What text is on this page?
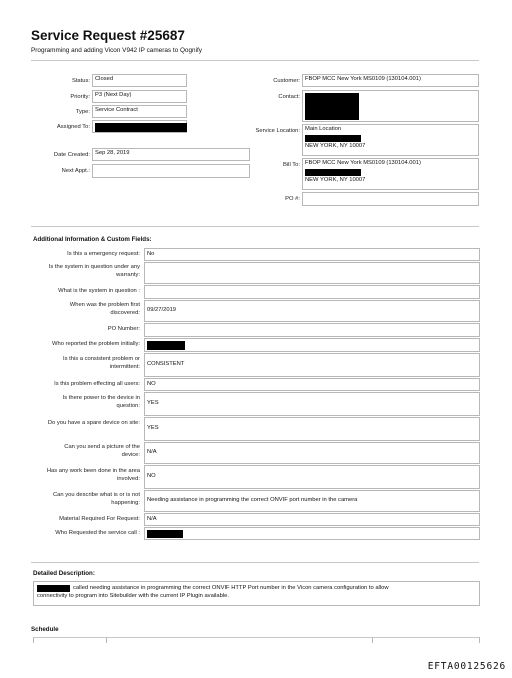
Service Request #25687
Programming and adding Vicon V942 IP cameras to Qognify
Status: Closed
Priority: P3 (Next Day)
Type: Service Contract
Assigned To:
Date Created: Sep 28, 2019
Next Appt.:
Customer: FBOP MCC New York MS0109 (130104.001)
Contact:
Service Location: Main Location
NEW YORK, NY 10007
Bill To: FBOP MCC New York MS0109 (130104.001)
NEW YORK, NY 10007
PO #:
Additional Information & Custom Fields:
Is this a emergency request:	No
Is the system in question under any warranty:
What is the system in question :
When was the problem first discovered:	09/27/2019
PO Number:
Who reported the problem initially:
Is this a consistent problem or intermittent:	CONSISTENT
Is this problem effecting all users:	NO
Is there power to the device in question:	YES
Do you have a spare device on site:
YES
Can you send a picture of the device:	N/A
Has any work been done in the area involved:	NO
Can you describe what is or is not happening:	Needing assistance in programming the correct ONVIF port number in the camera
Material Required For Request:	N/A
Who Requested the service call :
Detailed Description:
called needing assistance in programming the correct ONVIF HTTP Port number in the Vicon camera configuration to allow
connectivity to program into Sitebuilder with the current IP Plugin available.
Schedule
EFTA00125626
